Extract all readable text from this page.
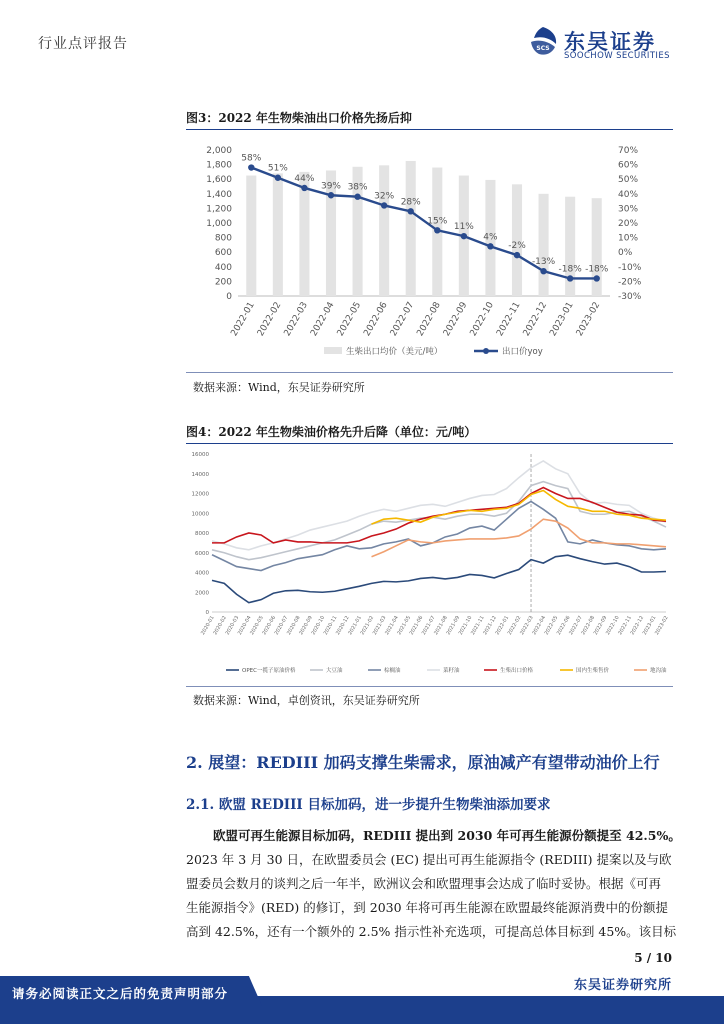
行业点评报告	SCS 东吴证券
SOOCHOW SECURITIES
图3：2022 年生物柴油出口价格先扬后抑
2,000
1,800
1,600
1,400
1,200
1,000
800
600
400
200
0
70%
60%
50%
40%
30%
20%
10%
0%
-10%
-20%
-30%
58%
51%
44%
39% 38%
32%
28%
15%
11%
4%
-2%
-13%
-18% -18%
2022-01 2022-02 2022-03 2022-04 2022-05 2022-06 2022-07 2022-08 2022-09 2022-10 2022-11 2022-12 2023-01 2023-02
生柴出口均价（美元/吨）	出口价yoy
数据来源：Wind，东吴证券研究所
图4：2022 年生物柴油价格先升后降（单位：元/吨）
16000
14000
12000
10000
8000
6000
4000
2000
0
2020-01
2020-02
2020-03
2020-04
2020-05
2020-06
2020-07
2020-08
2020-09
2020-10
2020-11
2020-12
2021-01
2021-02
2021-03
2021-04
2021-05
2021-06
2021-07
2021-08
2021-09
2021-10
2021-11
2021-12
2022-01
2022-02
2022-03
2022-04
2022-05
2022-06
2022-07
2022-08
2022-09
2022-10
2022-11
2022-12
2023-01
2023-02
OPEC一揽子原油价格	大豆油	棕榈油	菜籽油	生柴出口价格	国内生柴售价	地沟油
数据来源：Wind，卓创资讯，东吴证券研究所
2. 展望：REDIII 加码支撑生柴需求，原油减产有望带动油价上行
2.1. 欧盟 REDIII 目标加码，进一步提升生物柴油添加要求
欧盟可再生能源目标加码，REDIII 提出到 2030 年可再生能源份额提至 42.5%。
2023 年 3 月 30 日，在欧盟委员会 (EC) 提出可再生能源指令 (REDIII) 提案以及与欧
盟委员会数月的谈判之后一年半，欧洲议会和欧盟理事会达成了临时妥协。根据《可再
生能源指令》(RED) 的修订，到 2030 年将可再生能源在欧盟最终能源消费中的份额提
高到 42.5%，还有一个额外的 2.5% 指示性补充选项，可提高总体目标到 45%。该目标
5 / 10
东吴证券研究所
请务必阅读正文之后的免责声明部分
